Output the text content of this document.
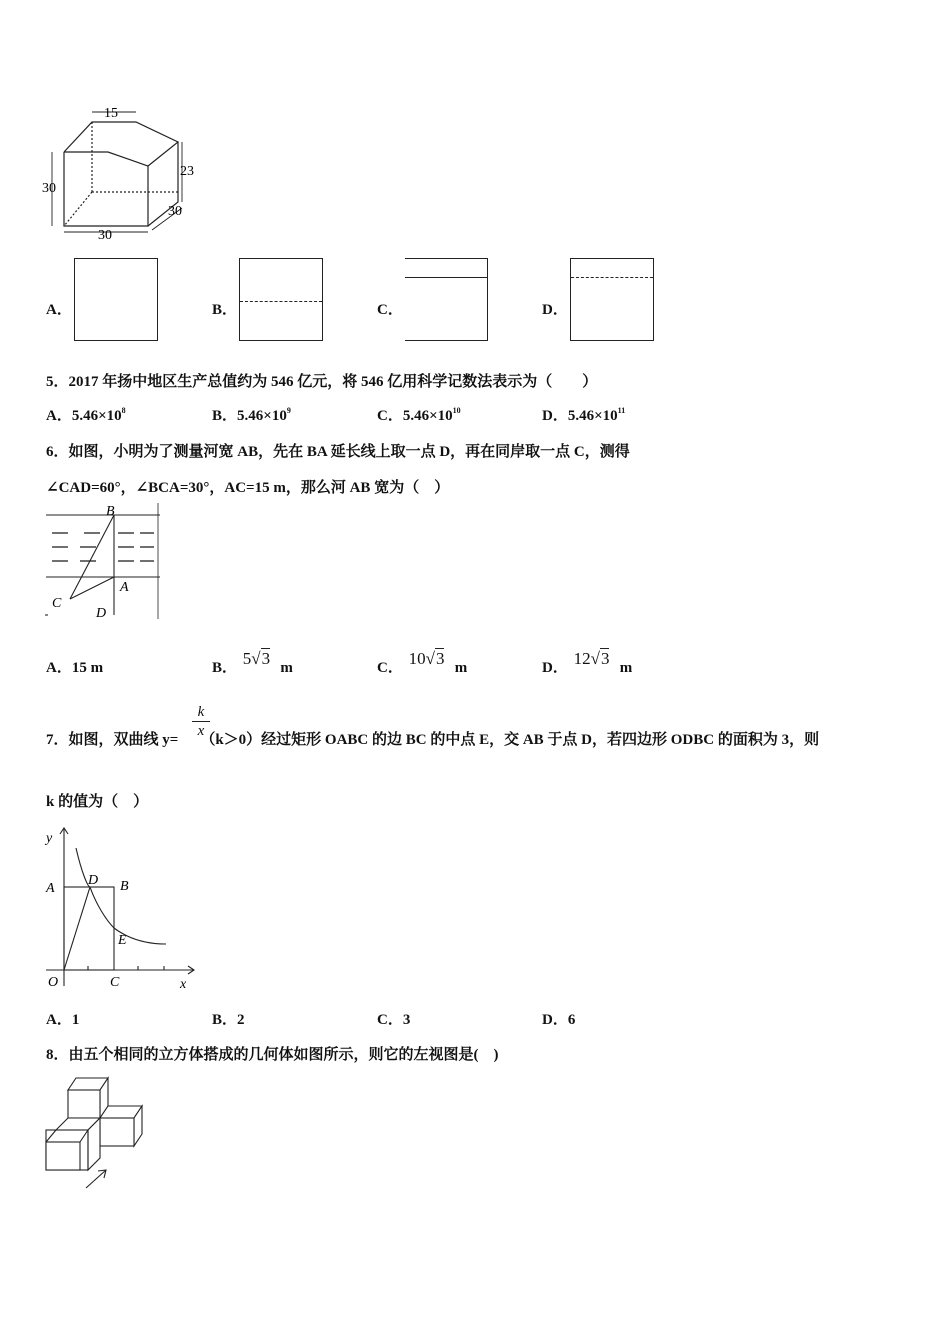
15
23
30
30
30
A．	B．	C．	D．
5．2017 年扬中地区生产总值约为 546 亿元，将 546 亿用科学记数法表示为（　　）
A．$5.46\times 10^8$	B．$5.46\times 10^9$	C．$5.46\times 10^{10}$	D．$5.46\times 10^{11}$
6．如图，小明为了测量河宽 AB，先在 BA 延长线上取一点 D，再在同岸取一点 C，测得
∠CAD=60°，∠BCA=30°，AC=15 m，那么河 AB 宽为（　）
B
A
C
D
A．15 m	B． 5√3 m	C． 10√3 m	D． 12√3 m
7．如图，双曲线 y= （k＞0）经过矩形 OABC 的边 BC 的中点 E，交 AB 于点 D，若四边形 ODBC 的面积为 3，则
$\frac{k}{x}$
k 的值为（　）
y
A
D B
E
O	C	x
A．1	B．2	C．3	D．6
8．由五个相同的立方体搭成的几何体如图所示，则它的左视图是(　)
